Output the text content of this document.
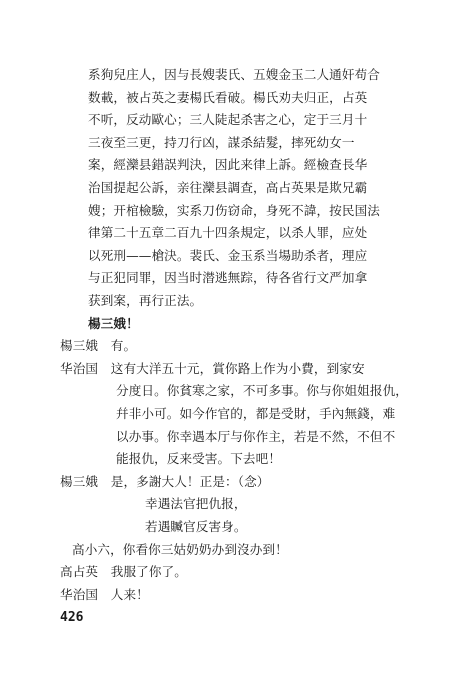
系狗兒庄人，因与長嫂裴氏、五嫂金玉二人通奸苟合
数載，被占英之妻楊氏看破。楊氏劝夫归正，占英
不听，反动歐心；三人陡起杀害之心，定于三月十
三夜至三更，持刀行凶，謀杀結髮，摔死幼女一
案，經灤县錯誤判決，因此来律上訴。經檢查長华
治国提起公訴，亲往灤县調查，高占英果是欺兄霸
嫂；开棺檢驗，实系刀伤窃命，身死不諱，按民国法
律第二十五章二百九十四条規定，以杀人罪，应处
以死刑——槍決。裴氏、金玉系当場助杀者，理应
与正犯同罪，因当时潜逃無踪，待各省行文严加拿
获到案，再行正法。
楊三娥！
楊三娥　有。
华治国　这有大洋五十元，賞你路上作为小費，到家安
分度日。你貧寒之家，不可多事。你与你姐姐报仇，
幷非小可。如今作官的，都是受財，手內無錢，难
以办事。你幸遇本厅与你作主，若是不然，不但不
能报仇，反来受害。下去吧！
楊三娥　是，多謝大人！正是：（念）
幸遇法官把仇报，
若遇贓官反害身。
高小六，你看你三姑奶奶办到沒办到！
高占英　我服了你了。
华治国　人来！
426
